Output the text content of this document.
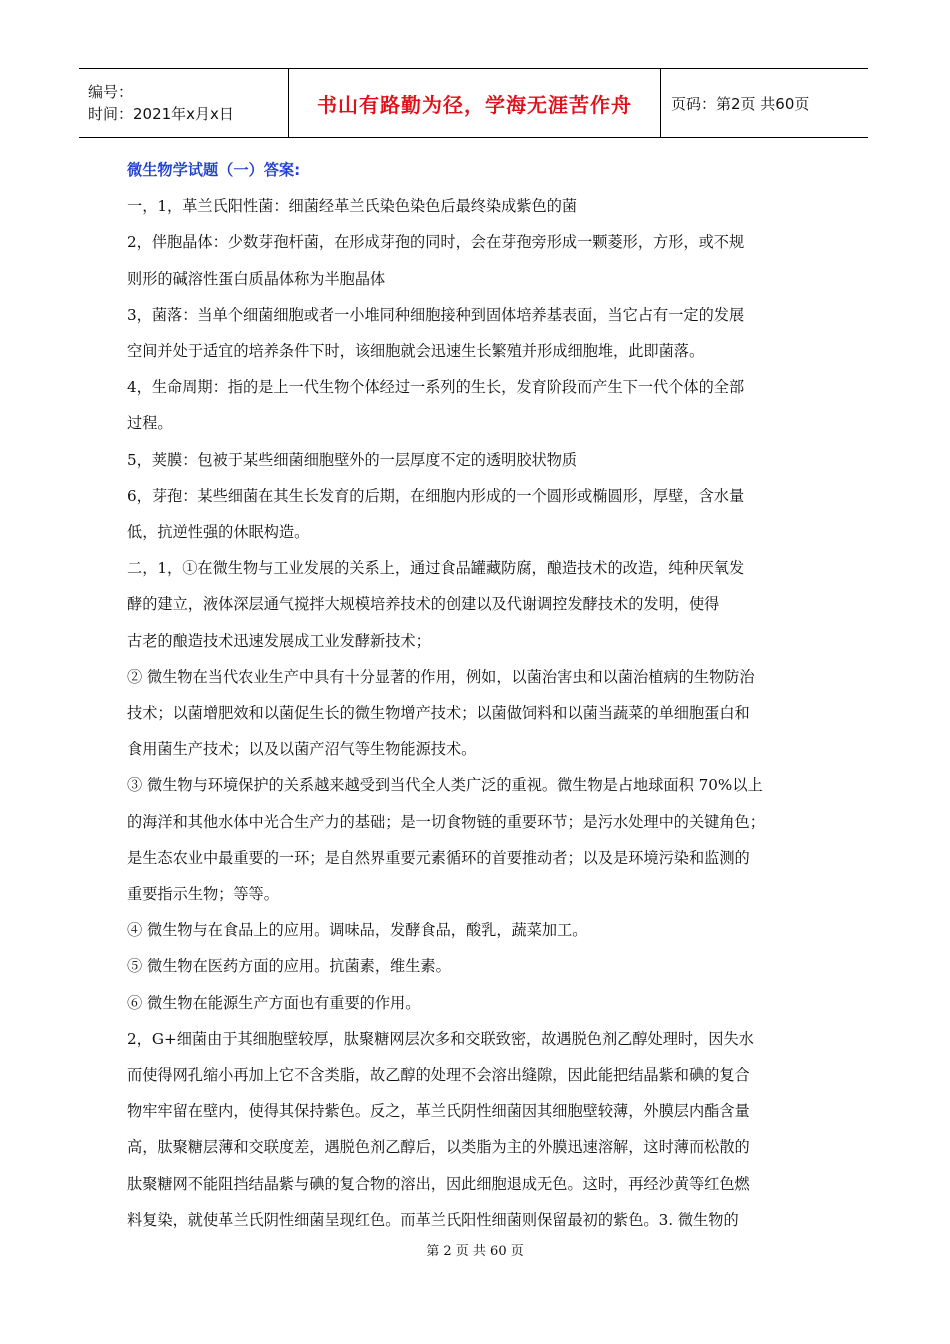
编号：
时间：2021年x月x日	书山有路勤为径，学海无涯苦作舟	页码：第2页 共60页

微生物学试题（一）答案:

一，1，革兰氏阳性菌：细菌经革兰氏染色染色后最终染成紫色的菌

2，伴胞晶体：少数芽孢杆菌，在形成芽孢的同时，会在芽孢旁形成一颗菱形，方形，或不规

则形的碱溶性蛋白质晶体称为半胞晶体

3，菌落：当单个细菌细胞或者一小堆同种细胞接种到固体培养基表面，当它占有一定的发展

空间并处于适宜的培养条件下时，该细胞就会迅速生长繁殖并形成细胞堆，此即菌落。

4，生命周期：指的是上一代生物个体经过一系列的生长，发育阶段而产生下一代个体的全部

过程。

5，荚膜：包被于某些细菌细胞壁外的一层厚度不定的透明胶状物质

6，芽孢：某些细菌在其生长发育的后期，在细胞内形成的一个圆形或椭圆形，厚壁，含水量

低，抗逆性强的休眠构造。

二，1，①在微生物与工业发展的关系上，通过食品罐藏防腐，酿造技术的改造，纯种厌氧发

酵的建立，液体深层通气搅拌大规模培养技术的创建以及代谢调控发酵技术的发明，使得

古老的酿造技术迅速发展成工业发酵新技术；

② 微生物在当代农业生产中具有十分显著的作用，例如，以菌治害虫和以菌治植病的生物防治

技术；以菌增肥效和以菌促生长的微生物增产技术；以菌做饲料和以菌当蔬菜的单细胞蛋白和

食用菌生产技术；以及以菌产沼气等生物能源技术。

③ 微生物与环境保护的关系越来越受到当代全人类广泛的重视。微生物是占地球面积 70%以上

的海洋和其他水体中光合生产力的基础；是一切食物链的重要环节；是污水处理中的关键角色；

是生态农业中最重要的一环；是自然界重要元素循环的首要推动者；以及是环境污染和监测的

重要指示生物；等等。

④ 微生物与在食品上的应用。调味品，发酵食品，酸乳，蔬菜加工。

⑤ 微生物在医药方面的应用。抗菌素，维生素。

⑥ 微生物在能源生产方面也有重要的作用。

2，G+细菌由于其细胞壁较厚，肽聚糖网层次多和交联致密，故遇脱色剂乙醇处理时，因失水

而使得网孔缩小再加上它不含类脂，故乙醇的处理不会溶出缝隙，因此能把结晶紫和碘的复合

物牢牢留在壁内，使得其保持紫色。反之，革兰氏阴性细菌因其细胞壁较薄，外膜层内酯含量

高，肽聚糖层薄和交联度差，遇脱色剂乙醇后，以类脂为主的外膜迅速溶解，这时薄而松散的

肽聚糖网不能阻挡结晶紫与碘的复合物的溶出，因此细胞退成无色。这时，再经沙黄等红色燃

料复染，就使革兰氏阴性细菌呈现红色。而革兰氏阳性细菌则保留最初的紫色。3. 微生物的

第 2 页 共 60 页
